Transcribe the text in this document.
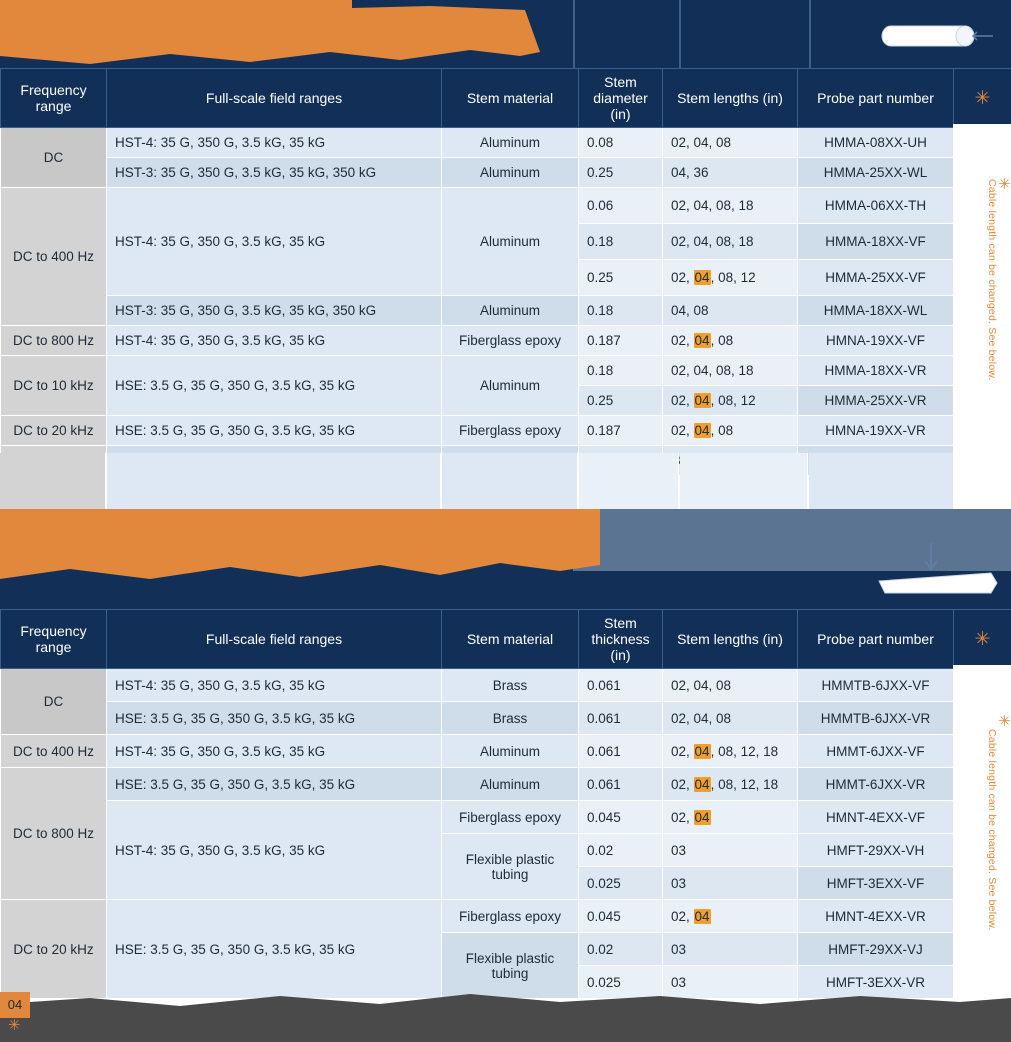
Frequency range	Full-scale field ranges	Stem material	Stem diameter (in)	Stem lengths (in)	Probe part number	✳
DC	HST-4: 35 G, 350 G, 3.5 kG, 35 kG	Aluminum	0.08	02, 04, 08	HMMA-08XX-UH	
	HST-3: 35 G, 350 G, 3.5 kG, 35 kG, 350 kG	Aluminum	0.25	04, 36	HMMA-25XX-WL	
DC to 400 Hz	HST-4: 35 G, 350 G, 3.5 kG, 35 kG	Aluminum	0.06	02, 04, 08, 18	HMMA-06XX-TH	
			0.18	02, 04, 08, 18	HMMA-18XX-VF	
			0.25	02, 04, 08, 12	HMMA-25XX-VF	
	HST-3: 35 G, 350 G, 3.5 kG, 35 kG, 350 kG	Aluminum	0.18	04, 08	HMMA-18XX-WL	
DC to 800 Hz	HST-4: 35 G, 350 G, 3.5 kG, 35 kG	Fiberglass epoxy	0.187	02, 04, 08	HMNA-19XX-VF	
DC to 10 kHz	HSE: 3.5 G, 35 G, 350 G, 3.5 kG, 35 kG	Aluminum	0.18	02, 04, 08, 18	HMMA-18XX-VR	
			0.25	02, 04, 08, 12	HMMA-25XX-VR	
DC to 20 kHz	HSE: 3.5 G, 35 G, 350 G, 3.5 kG, 35 kG	Fiberglass epoxy	0.187	02, 04, 08	HMNA-19XX-VR	

✳
Cable length can be changed. See below.
Frequency range	Full-scale field ranges	Stem material	Stem thickness (in)	Stem lengths (in)	Probe part number	✳
DC	HST-4: 35 G, 350 G, 3.5 kG, 35 kG	Brass	0.061	02, 04, 08	HMMTB-6JXX-VF	
	HSE: 3.5 G, 35 G, 350 G, 3.5 kG, 35 kG	Brass	0.061	02, 04, 08	HMMTB-6JXX-VR	
DC to 400 Hz	HST-4: 35 G, 350 G, 3.5 kG, 35 kG	Aluminum	0.061	02, 04, 08, 12, 18	HMMT-6JXX-VF	
DC to 800 Hz	HSE: 3.5 G, 35 G, 350 G, 3.5 kG, 35 kG	Aluminum	0.061	02, 04, 08, 12, 18	HMMT-6JXX-VR	
	HST-4: 35 G, 350 G, 3.5 kG, 35 kG	Fiberglass epoxy	0.045	02, 04	HMNT-4EXX-VF	
		Flexible plastic tubing	0.02	03	HMFT-29XX-VH	
			0.025	03	HMFT-3EXX-VF	
DC to 20 kHz	HSE: 3.5 G, 35 G, 350 G, 3.5 kG, 35 kG	Fiberglass epoxy	0.045	02, 04	HMNT-4EXX-VR	
		Flexible plastic tubing	0.02	03	HMFT-29XX-VJ	
			0.025	03	HMFT-3EXX-VR	
✳
Cable length can be changed. See below.
04
✳
